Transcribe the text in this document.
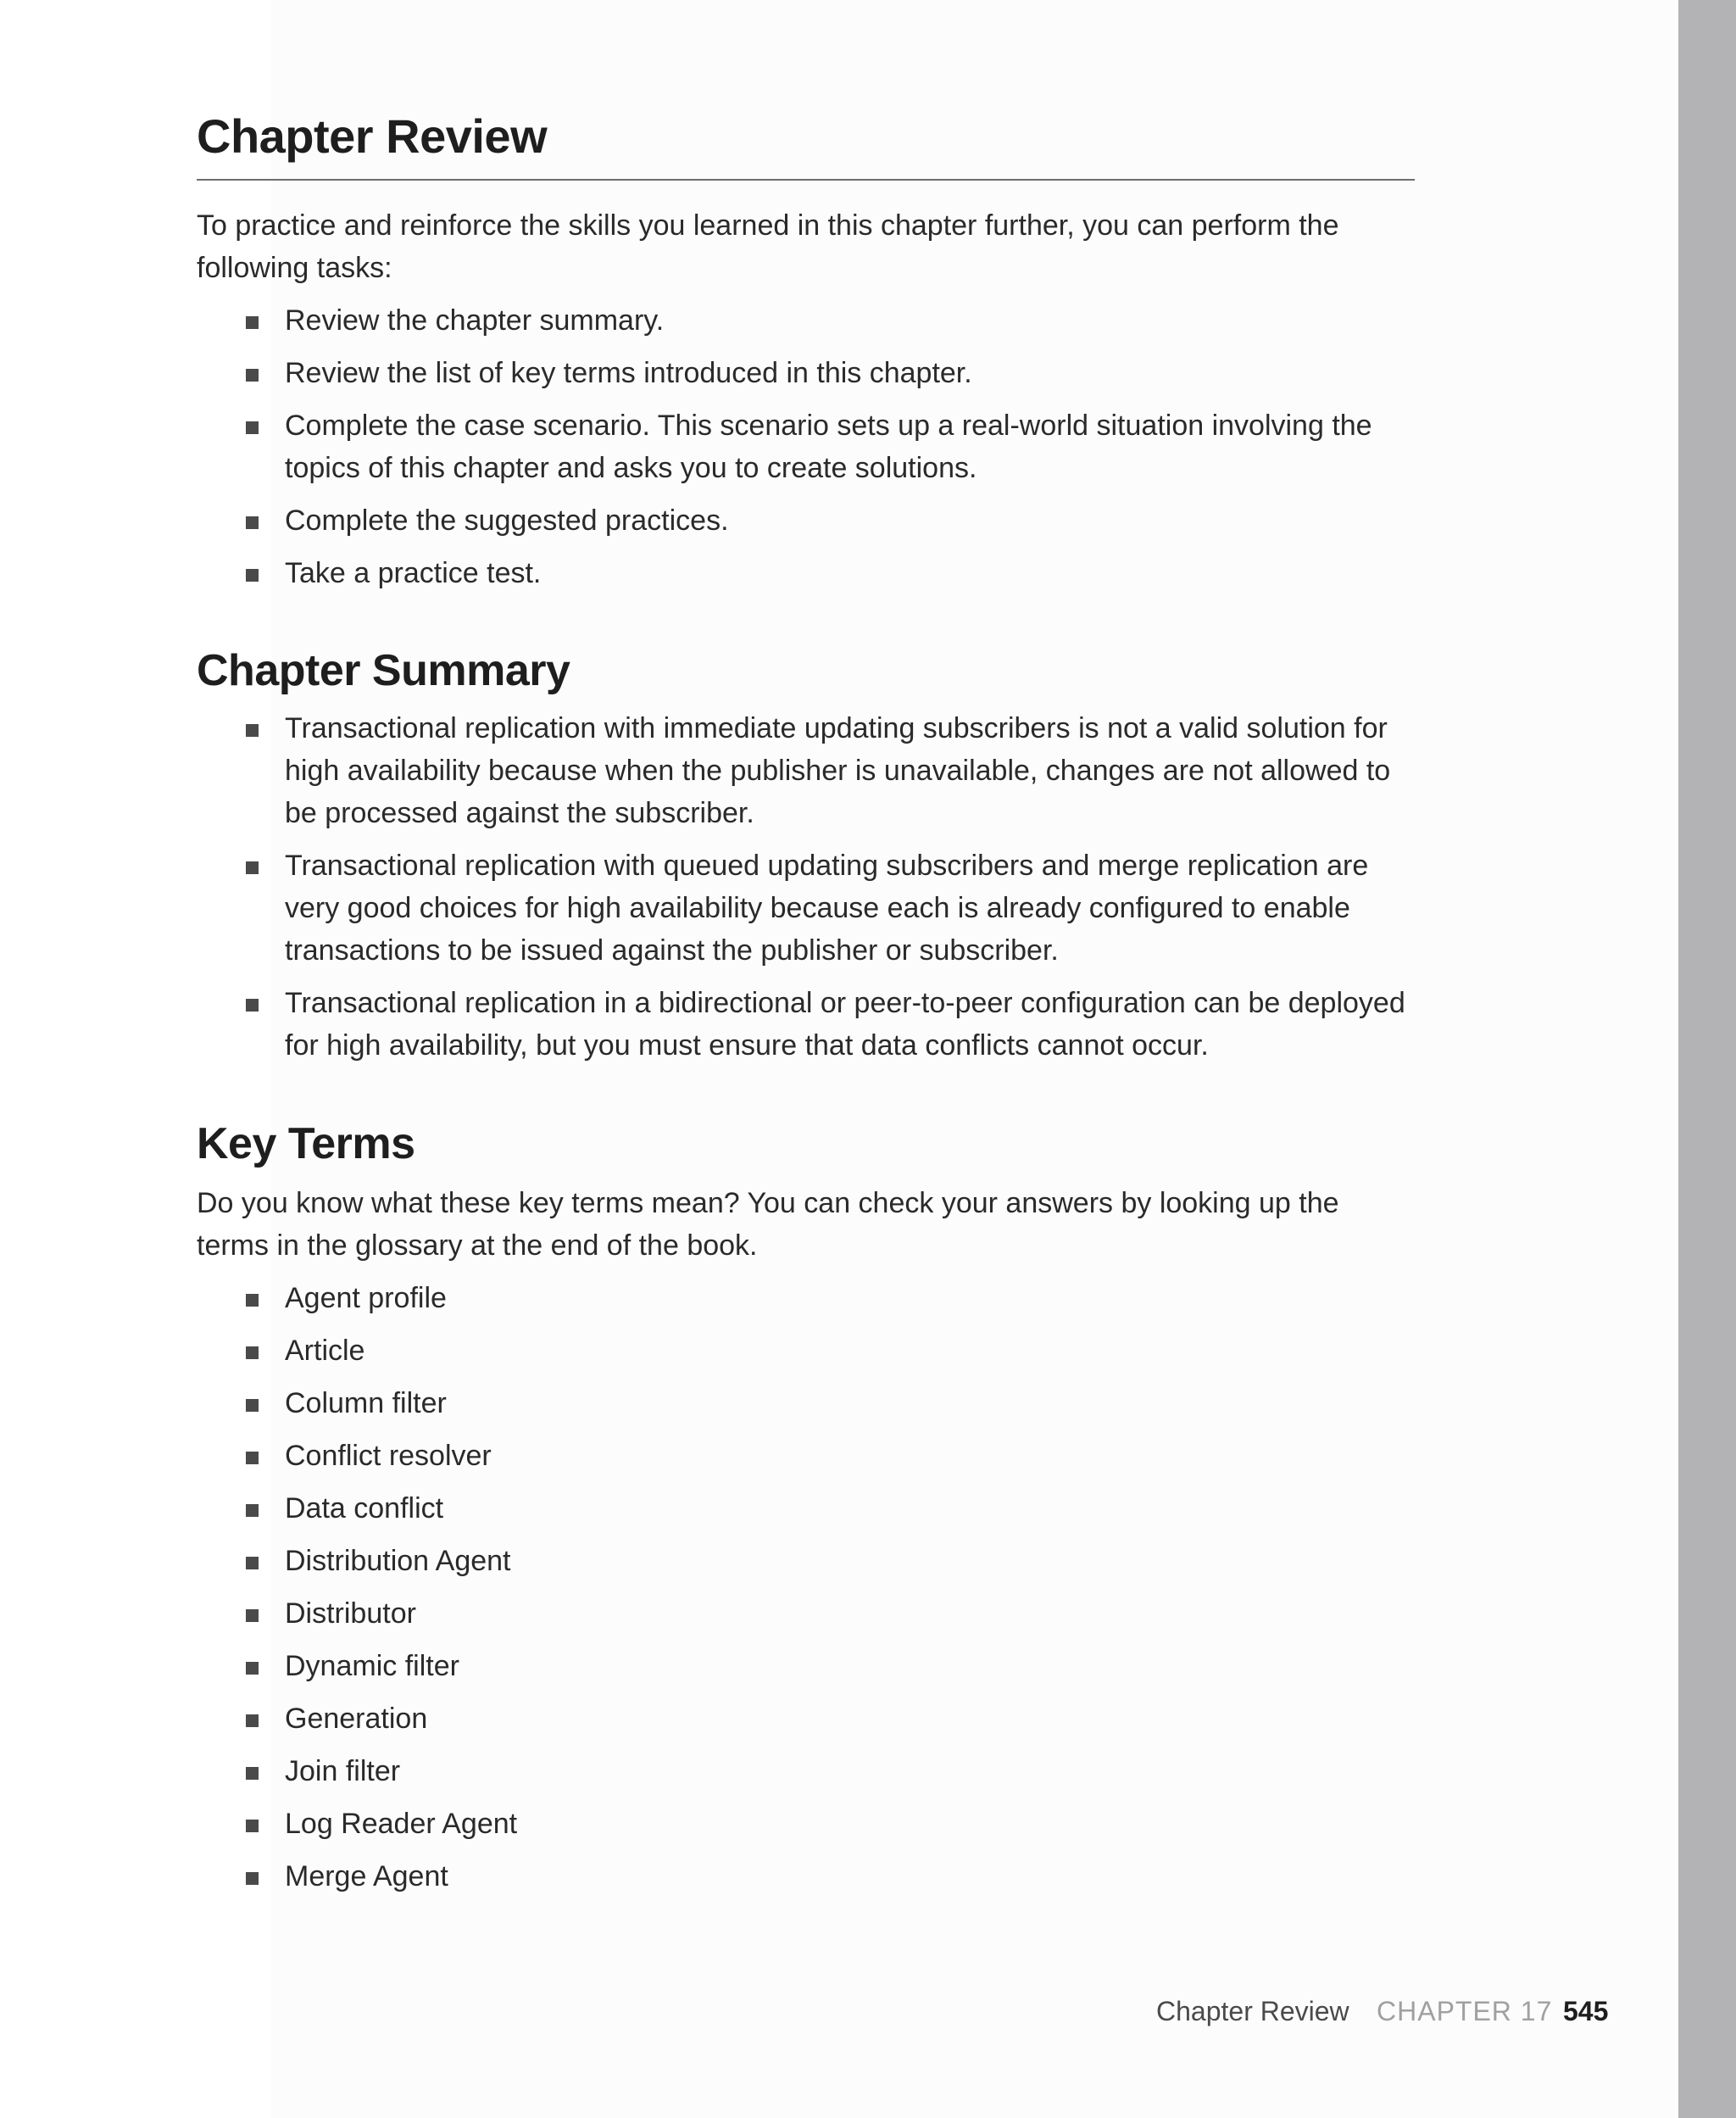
Chapter Review

To practice and reinforce the skills you learned in this chapter further, you can perform the following tasks:

Review the chapter summary.
Review the list of key terms introduced in this chapter.
Complete the case scenario. This scenario sets up a real-world situation involving the topics of this chapter and asks you to create solutions.
Complete the suggested practices.
Take a practice test.
Chapter Summary
Transactional replication with immediate updating subscribers is not a valid solution for high availability because when the publisher is unavailable, changes are not allowed to be processed against the subscriber.
Transactional replication with queued updating subscribers and merge replication are very good choices for high availability because each is already configured to enable transactions to be issued against the publisher or subscriber.
Transactional replication in a bidirectional or peer-to-peer configuration can be deployed for high availability, but you must ensure that data conflicts cannot occur.
Key Terms

Do you know what these key terms mean? You can check your answers by looking up the terms in the glossary at the end of the book.

Agent profile
Article
Column filter
Conflict resolver
Data conflict
Distribution Agent
Distributor
Dynamic filter
Generation
Join filter
Log Reader Agent
Merge Agent
Chapter Review CHAPTER 17 545
